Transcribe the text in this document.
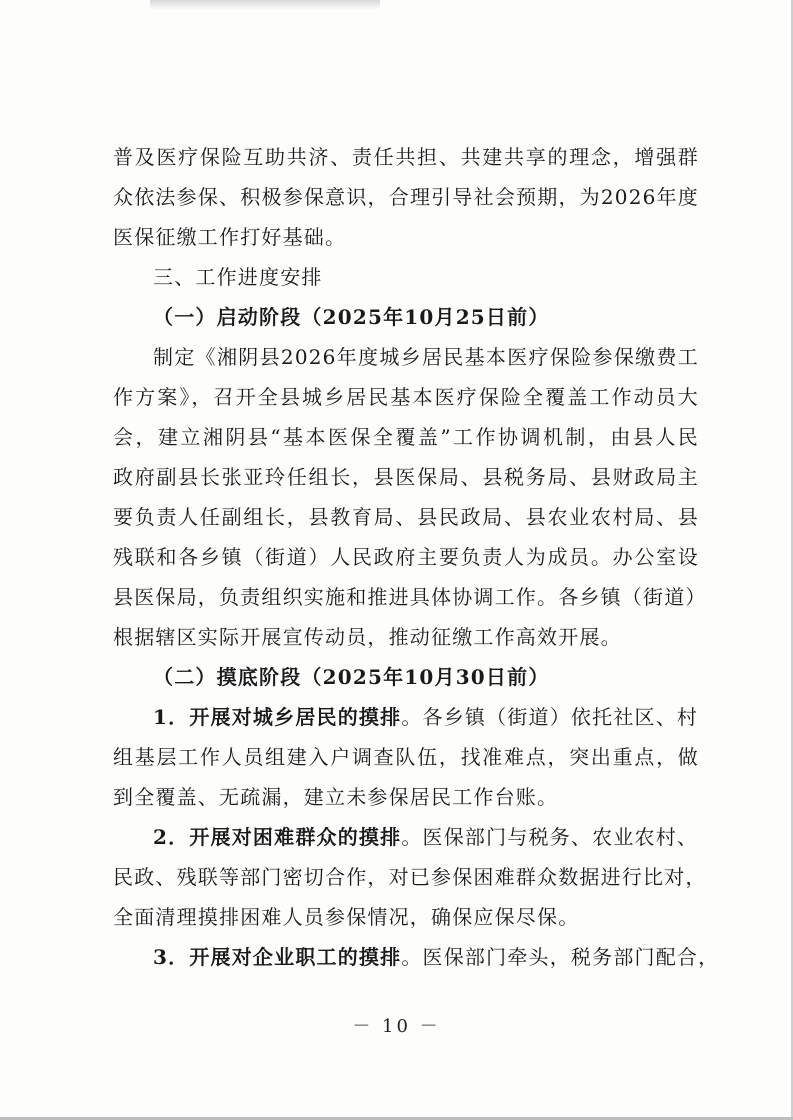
普及医疗保险互助共济、责任共担、共建共享的理念，增强群
众依法参保、积极参保意识，合理引导社会预期，为2026年度
医保征缴工作打好基础。
三、工作进度安排
（一）启动阶段（2025年10月25日前）
制定《湘阴县2026年度城乡居民基本医疗保险参保缴费工
作方案》，召开全县城乡居民基本医疗保险全覆盖工作动员大
会，建立湘阴县“基本医保全覆盖”工作协调机制，由县人民
政府副县长张亚玲任组长，县医保局、县税务局、县财政局主
要负责人任副组长，县教育局、县民政局、县农业农村局、县
残联和各乡镇（街道）人民政府主要负责人为成员。办公室设
县医保局，负责组织实施和推进具体协调工作。各乡镇（街道）
根据辖区实际开展宣传动员，推动征缴工作高效开展。
（二）摸底阶段（2025年10月30日前）
1．开展对城乡居民的摸排。各乡镇（街道）依托社区、村
组基层工作人员组建入户调查队伍，找准难点，突出重点，做
到全覆盖、无疏漏，建立未参保居民工作台账。
2．开展对困难群众的摸排。医保部门与税务、农业农村、
民政、残联等部门密切合作，对已参保困难群众数据进行比对，
全面清理摸排困难人员参保情况，确保应保尽保。
3．开展对企业职工的摸排。医保部门牵头，税务部门配合，
－ 10 －
